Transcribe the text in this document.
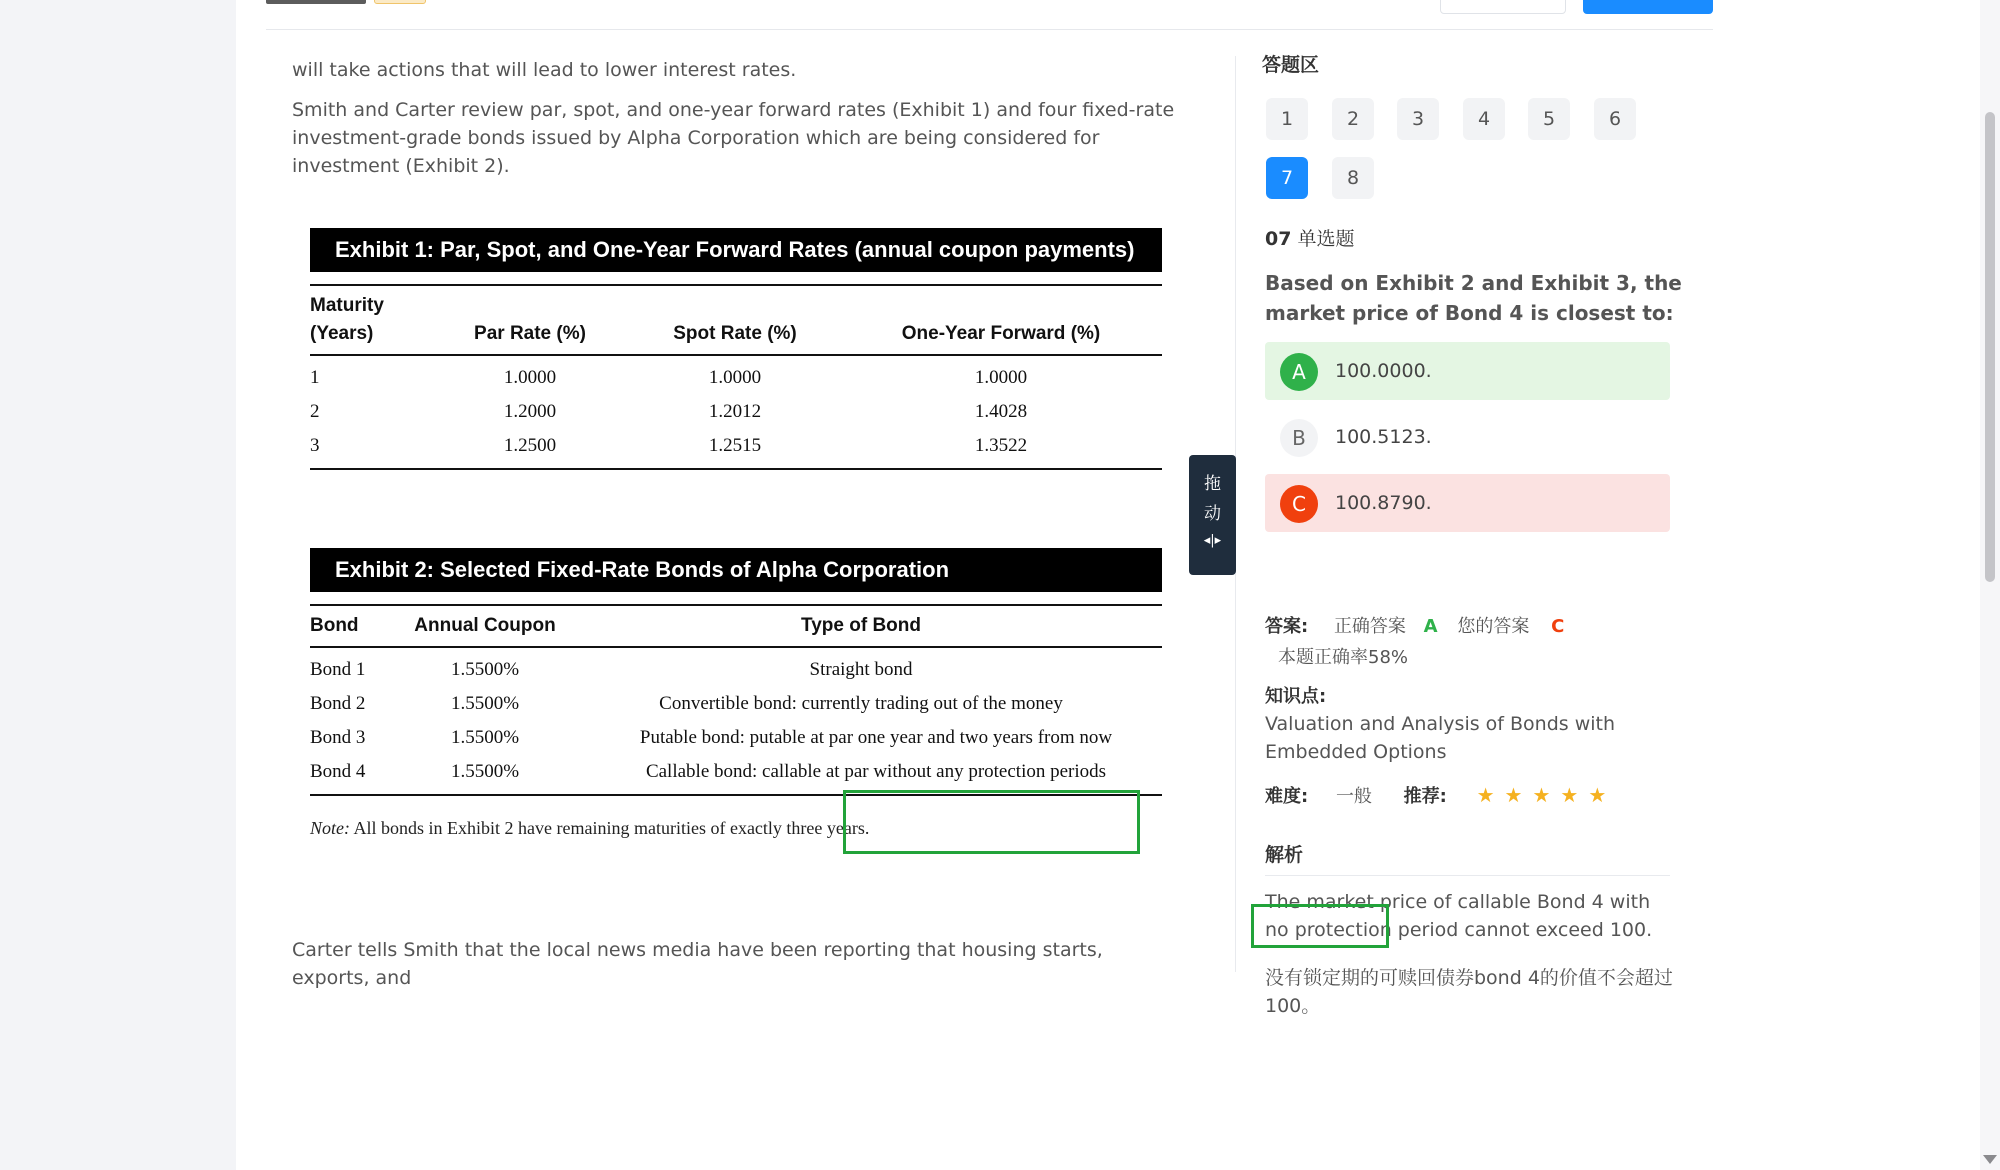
will take actions that will lead to lower interest rates.

Smith and Carter review par, spot, and one-year forward rates (Exhibit 1) and four fixed-rate investment-grade bonds issued by Alpha Corporation which are being considered for investment (Exhibit 2).

Exhibit 1: Par, Spot, and One-Year Forward Rates (annual coupon payments)
Maturity
(Years)	Par Rate (%)	Spot Rate (%)	One-Year Forward (%)
1	1.0000	1.0000	1.0000
2	1.2000	1.2012	1.4028
3	1.2500	1.2515	1.3522
Exhibit 2: Selected Fixed-Rate Bonds of Alpha Corporation
Bond	Annual Coupon	Type of Bond
Bond 1	1.5500%	Straight bond
Bond 2	1.5500%	Convertible bond: currently trading out of the money
Bond 3	1.5500%	Putable bond: putable at par one year and two years from now
Bond 4	1.5500%	Callable bond: callable at par without any protection periods
Note: All bonds in Exhibit 2 have remaining maturities of exactly three years.
Carter tells Smith that the local news media have been reporting that housing starts, exports, and
拖
动
◂|▸
答题区
1	2	3	4	5	6
7	8
07 单选题
Based on Exhibit 2 and Exhibit 3, the market price of Bond 4 is closest to:
A	100.0000.
B	100.5123.
C	100.8790.
答案: 正确答案 A 您的答案 C
本题正确率58%
知识点:
Valuation and Analysis of Bonds with Embedded Options
难度: 一般 推荐: ★★★★★
解析
The market price of callable Bond 4 with no protection period cannot exceed 100.
没有锁定期的可赎回债券bond 4的价值不会超过100。
